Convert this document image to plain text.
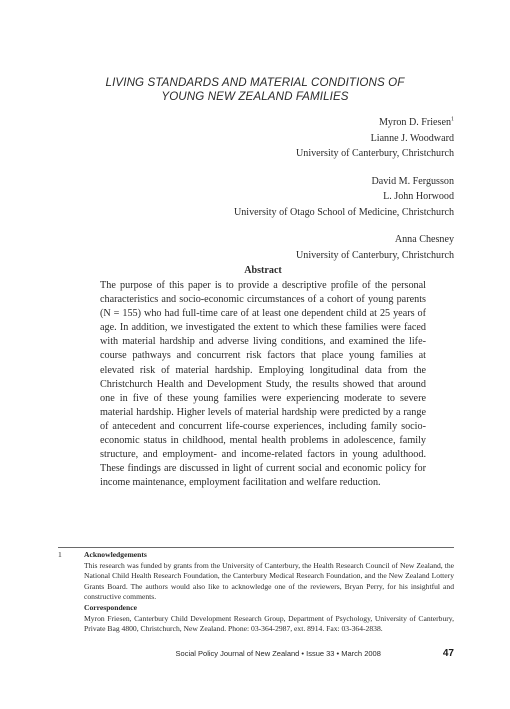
LIVING STANDARDS AND MATERIAL CONDITIONS OF
YOUNG NEW ZEALAND FAMILIES
Myron D. Friesen$^1$
Lianne J. Woodward
University of Canterbury, Christchurch
David M. Fergusson
L. John Horwood
University of Otago School of Medicine, Christchurch
Anna Chesney
University of Canterbury, Christchurch
Abstract
The purpose of this paper is to provide a descriptive profile of the personal characteristics and socio-economic circumstances of a cohort of young parents (N = 155) who had full-time care of at least one dependent child at 25 years of age. In addition, we investigated the extent to which these families were faced with material hardship and adverse living conditions, and examined the life-course pathways and concurrent risk factors that place young families at elevated risk of material hardship. Employing longitudinal data from the Christchurch Health and Development Study, the results showed that around one in five of these young families were experiencing moderate to severe material hardship. Higher levels of material hardship were predicted by a range of antecedent and concurrent life-course experiences, including family socio-economic status in childhood, mental health problems in adolescence, family structure, and employment- and income-related factors in young adulthood. These findings are discussed in light of current social and economic policy for income maintenance, employment facilitation and welfare reduction.
1	Acknowledgements
This research was funded by grants from the University of Canterbury, the Health Research Council of New Zealand, the National Child Health Research Foundation, the Canterbury Medical Research Foundation, and the New Zealand Lottery Grants Board. The authors would also like to acknowledge one of the reviewers, Bryan Perry, for his insightful and constructive comments.
Correspondence
Myron Friesen, Canterbury Child Development Research Group, Department of Psychology, University of Canterbury, Private Bag 4800, Christchurch, New Zealand. Phone: 03-364-2987, ext. 8914. Fax: 03-364-2838.
Social Policy Journal of New Zealand • Issue 33 • March 2008	47
